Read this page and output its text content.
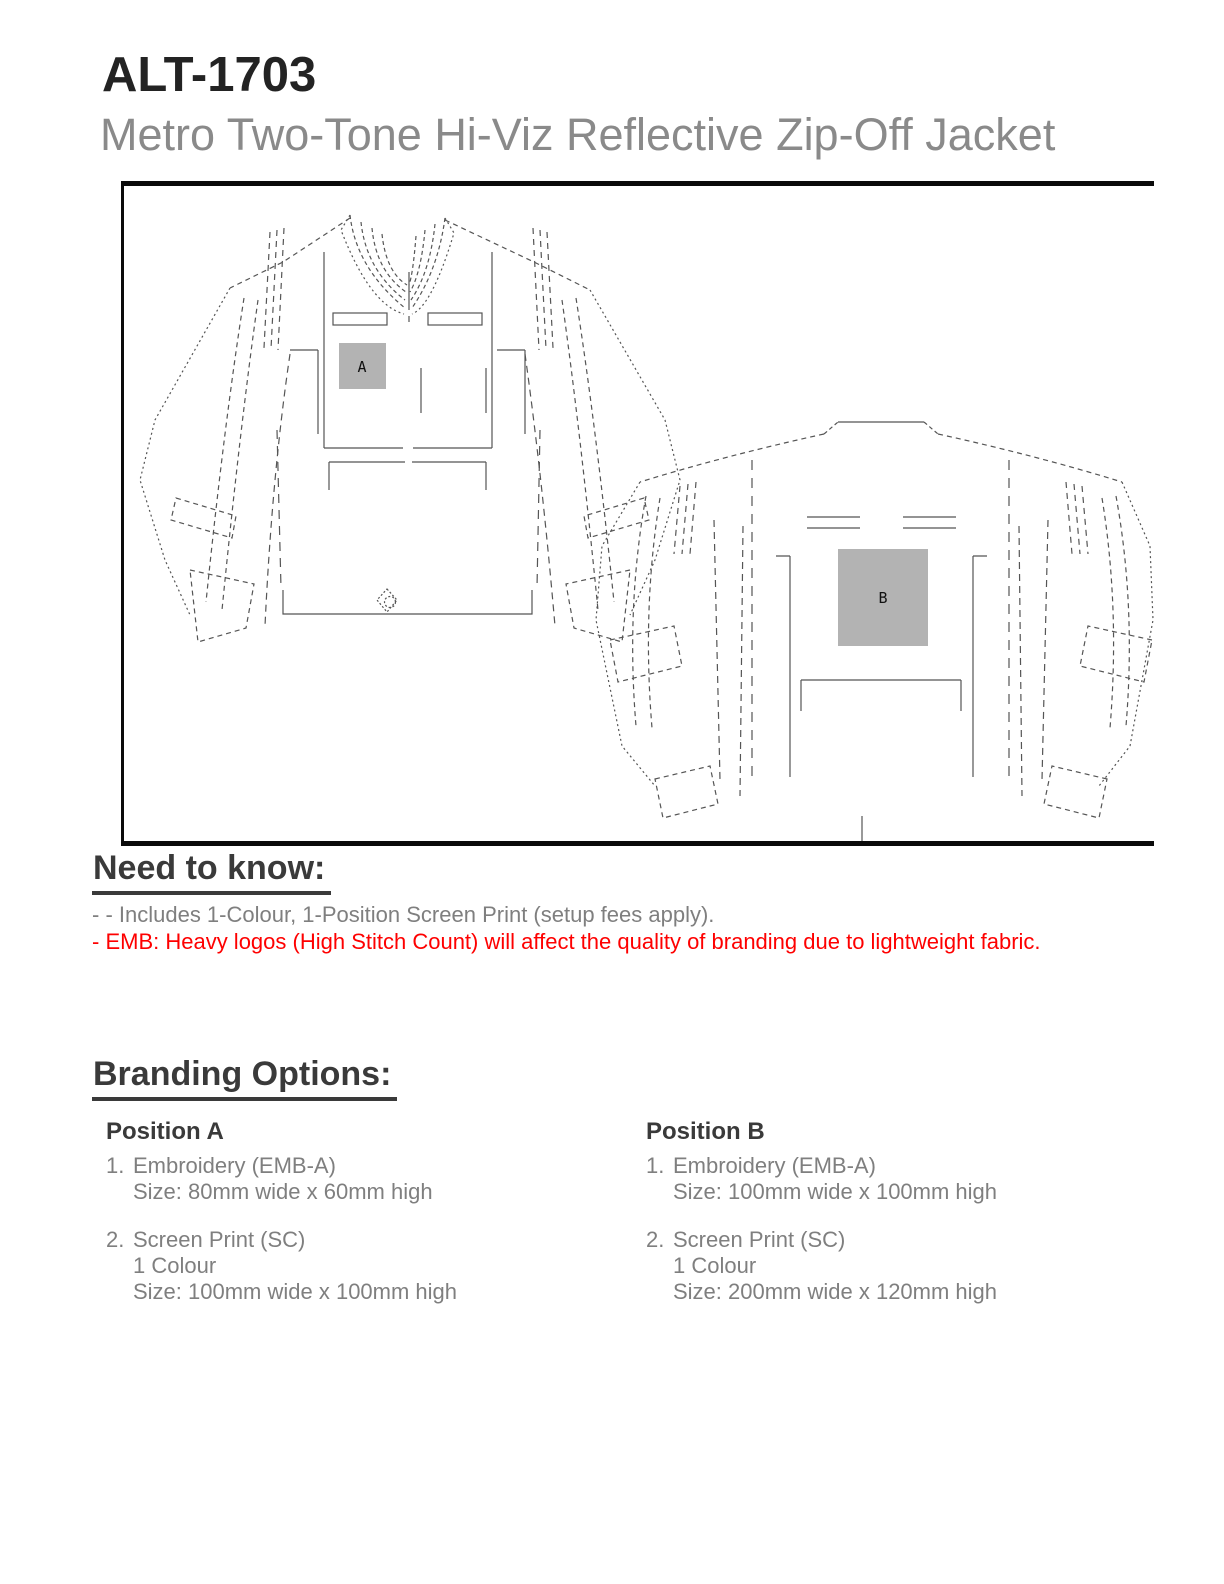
ALT-1703
Metro Two-Tone Hi-Viz Reflective Zip-Off Jacket
A
B
Need to know:
- - Includes 1-Colour, 1-Position Screen Print (setup fees apply).
- EMB: Heavy logos (High Stitch Count) will affect the quality of branding due to lightweight fabric.
Branding Options:
Position A
1. Embroidery (EMB-A)
Size: 80mm wide x 60mm high
2. Screen Print (SC)
1 Colour
Size: 100mm wide x 100mm high
Position B
1. Embroidery (EMB-A)
Size: 100mm wide x 100mm high
2. Screen Print (SC)
1 Colour
Size: 200mm wide x 120mm high
